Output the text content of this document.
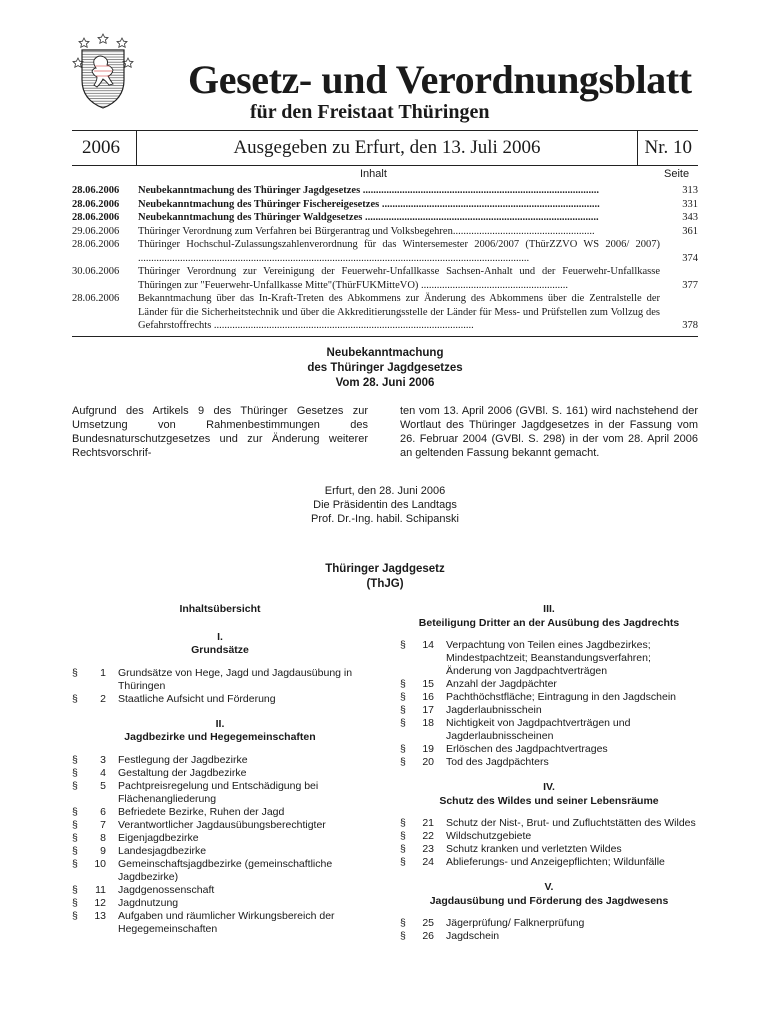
Gesetz- und Verordnungsblatt
für den Freistaat Thüringen
2006	Ausgegeben zu Erfurt, den 13. Juli 2006	Nr. 10
Inhalt	Seite
28.06.2006	Neubekanntmachung des Thüringer Jagdgesetzes ..........................................................................................	313
28.06.2006	Neubekanntmachung des Thüringer Fischereigesetzes ...................................................................................	331
28.06.2006	Neubekanntmachung des Thüringer Waldgesetzes .........................................................................................	343
29.06.2006	Thüringer Verordnung zum Verfahren bei Bürgerantrag und Volksbegehren......................................................	361
28.06.2006	Thüringer Hochschul-Zulassungszahlenverordnung für das Wintersemester 2006/2007 (ThürZZVO WS 2006/ 2007) .....................................................................................................................................................	374
30.06.2006	Thüringer Verordnung zur Vereinigung der Feuerwehr-Unfallkasse Sachsen-Anhalt und der Feuerwehr-Unfallkasse Thüringen zur "Feuerwehr-Unfallkasse Mitte"(ThürFUKMitteVO) ........................................................	377
28.06.2006	Bekanntmachung über das In-Kraft-Treten des Abkommens zur Änderung des Abkommens über die Zentralstelle der Länder für die Sicherheitstechnik und über die Akkreditierungsstelle der Länder für Mess- und Prüfstellen zum Vollzug des Gefahrstoffrechts ...................................................................................................	378
Neubekanntmachung
des Thüringer Jagdgesetzes
Vom 28. Juni 2006
Aufgrund des Artikels 9 des Thüringer Gesetzes zur Umsetzung von Rahmenbestimmungen des Bundesnaturschutzgesetzes und zur Änderung weiterer Rechtsvorschrif-
ten vom 13. April 2006 (GVBl. S. 161) wird nachstehend der Wortlaut des Thüringer Jagdgesetzes in der Fassung vom 26. Februar 2004 (GVBl. S. 298) in der vom 28. April 2006 an geltenden Fassung bekannt gemacht.
Erfurt, den 28. Juni 2006
Die Präsidentin des Landtags
Prof. Dr.-Ing. habil. Schipanski
Thüringer Jagdgesetz
(ThJG)
Inhaltsübersicht
I.
Grundsätze
§ 1 Grundsätze von Hege, Jagd und Jagdausübung in Thüringen
§ 2 Staatliche Aufsicht und Förderung
II.
Jagdbezirke und Hegegemeinschaften
§ 3 Festlegung der Jagdbezirke
§ 4 Gestaltung der Jagdbezirke
§ 5 Pachtpreisregelung und Entschädigung bei Flächenangliederung
§ 6 Befriedete Bezirke, Ruhen der Jagd
§ 7 Verantwortlicher Jagdausübungsberechtigter
§ 8 Eigenjagdbezirke
§ 9 Landesjagdbezirke
§ 10 Gemeinschaftsjagdbezirke (gemeinschaftliche Jagdbezirke)
§ 11 Jagdgenossenschaft
§ 12 Jagdnutzung
§ 13 Aufgaben und räumlicher Wirkungsbereich der Hegegemeinschaften
III.
Beteiligung Dritter an der Ausübung des Jagdrechts
§ 14 Verpachtung von Teilen eines Jagdbezirkes; Mindestpachtzeit; Beanstandungsverfahren; Änderung von Jagdpachtverträgen
§ 15 Anzahl der Jagdpächter
§ 16 Pachthöchstfläche; Eintragung in den Jagdschein
§ 17 Jagderlaubnisschein
§ 18 Nichtigkeit von Jagdpachtverträgen und Jagderlaubnisscheinen
§ 19 Erlöschen des Jagdpachtvertrages
§ 20 Tod des Jagdpächters
IV.
Schutz des Wildes und seiner Lebensräume
§ 21 Schutz der Nist-, Brut- und Zufluchtstätten des Wildes
§ 22 Wildschutzgebiete
§ 23 Schutz kranken und verletzten Wildes
§ 24 Ablieferungs- und Anzeigepflichten; Wildunfälle
V.
Jagdausübung und Förderung des Jagdwesens
§ 25 Jägerprüfung/ Falknerprüfung
§ 26 Jagdschein
